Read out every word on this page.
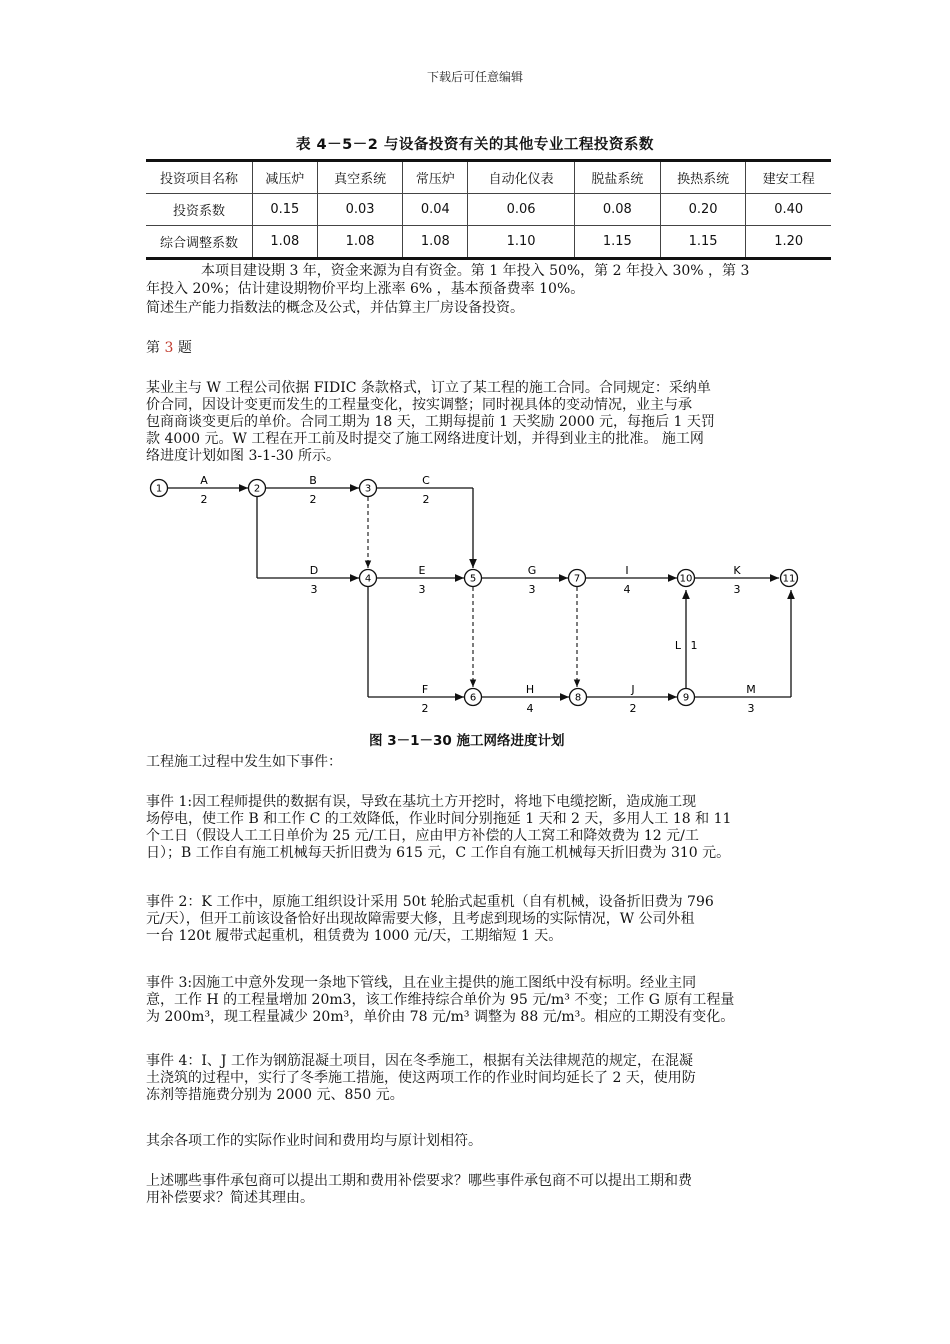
下载后可任意编辑
表 4－5－2 与设备投资有关的其他专业工程投资系数
投资项目名称	减压炉	真空系统	常压炉	自动化仪表	脱盐系统	换热系统	建安工程
投资系数	0.15	0.03	0.04	0.06	0.08	0.20	0.40
综合调整系数	1.08	1.08	1.08	1.10	1.15	1.15	1.20
本项目建设期 3 年，资金来源为自有资金。第 1 年投入 50%，第 2 年投入 30% ，第 3
年投入 20%；估计建设期物价平均上涨率 6% ，基本预备费率 10%。
简述生产能力指数法的概念及公式，并估算主厂房设备投资。
第 3 题
某业主与 W 工程公司依据 FIDIC 条款格式，订立了某工程的施工合同。合同规定：采纳单
价合同，因设计变更而发生的工程量变化，按实调整；同时视具体的变动情况，业主与承
包商商谈变更后的单价。合同工期为 18 天，工期每提前 1 天奖励 2000 元，每拖后 1 天罚
款 4000 元。W 工程在开工前及时提交了施工网络进度计划，并得到业主的批准。 施工网
络进度计划如图 3-1-30 所示。
1	2	3
4	5
6
7
8	9
10	11
A
2
B
2
C
2
D
3
E
3
G
3
I
4
K
3
F
2
H
4
J
2
M
3
L 1
图 3－1－30 施工网络进度计划
工程施工过程中发生如下事件：
事件 1:因工程师提供的数据有误，导致在基坑土方开挖时，将地下电缆挖断，造成施工现
场停电，使工作 B 和工作 C 的工效降低，作业时间分别拖延 1 天和 2 天，多用人工 18 和 11
个工日（假设人工工日单价为 25 元/工日，应由甲方补偿的人工窝工和降效费为 12 元/工
日）；B 工作自有施工机械每天折旧费为 615 元，C 工作自有施工机械每天折旧费为 310 元。
事件 2：K 工作中，原施工组织设计采用 50t 轮胎式起重机（自有机械，设备折旧费为 796
元/天），但开工前该设备恰好出现故障需要大修，且考虑到现场的实际情况，W 公司外租
一台 120t 履带式起重机，租赁费为 1000 元/天，工期缩短 1 天。
事件 3:因施工中意外发现一条地下管线，且在业主提供的施工图纸中没有标明。经业主同
意，工作 H 的工程量增加 20m3，该工作维持综合单价为 95 元/m³ 不变；工作 G 原有工程量
为 200m³，现工程量减少 20m³，单价由 78 元/m³ 调整为 88 元/m³。相应的工期没有变化。
事件 4：I、J 工作为钢筋混凝土项目，因在冬季施工，根据有关法律规范的规定，在混凝
土浇筑的过程中，实行了冬季施工措施，使这两项工作的作业时间均延长了 2 天，使用防
冻剂等措施费分别为 2000 元、850 元。
其余各项工作的实际作业时间和费用均与原计划相符。
上述哪些事件承包商可以提出工期和费用补偿要求？哪些事件承包商不可以提出工期和费
用补偿要求？简述其理由。
